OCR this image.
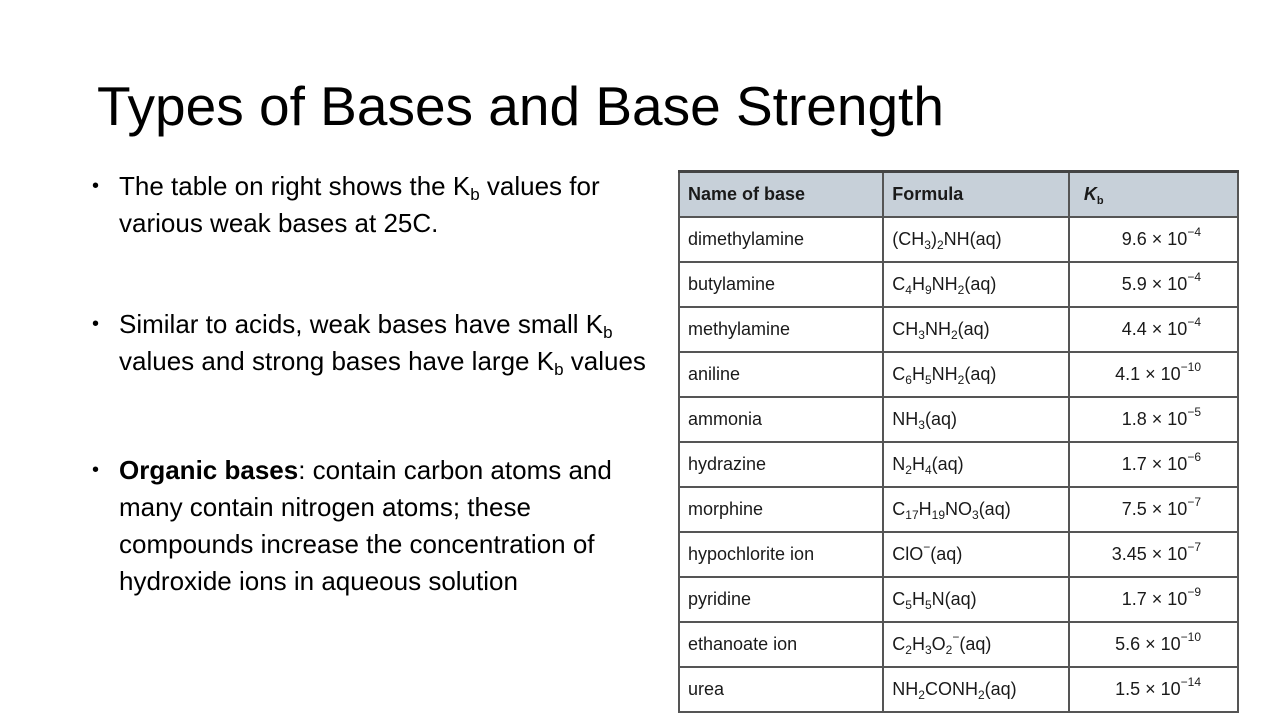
Types of Bases and Base Strength
• The table on right shows the $K_b$ values for various weak bases at 25C.
• Similar to acids, weak bases have small $K_b$ values and strong bases have large $K_b$ values
• Organic bases: contain carbon atoms and many contain nitrogen atoms; these compounds increase the concentration of hydroxide ions in aqueous solution
Name of base	Formula	$K_b$
dimethylamine	$(CH_3)_2NH(aq)$	$9.6 \times 10^{-4}$
butylamine	$C_4H_9NH_2(aq)$	$5.9 \times 10^{-4}$
methylamine	$CH_3NH_2(aq)$	$4.4 \times 10^{-4}$
aniline	$C_6H_5NH_2(aq)$	$4.1 \times 10^{-10}$
ammonia	$NH_3(aq)$	$1.8 \times 10^{-5}$
hydrazine	$N_2H_4(aq)$	$1.7 \times 10^{-6}$
morphine	$C_{17}H_{19}NO_3(aq)$	$7.5 \times 10^{-7}$
hypochlorite ion	ClO−(aq)	$3.45 \times 10^{-7}$
pyridine	$C_5H_5N(aq)$	$1.7 \times 10^{-9}$
ethanoate ion	$C_2H_3O_2^-(aq)$	$5.6 \times 10^{-10}$
urea	$NH_2CONH_2(aq)$	$1.5 \times 10^{-14}$
